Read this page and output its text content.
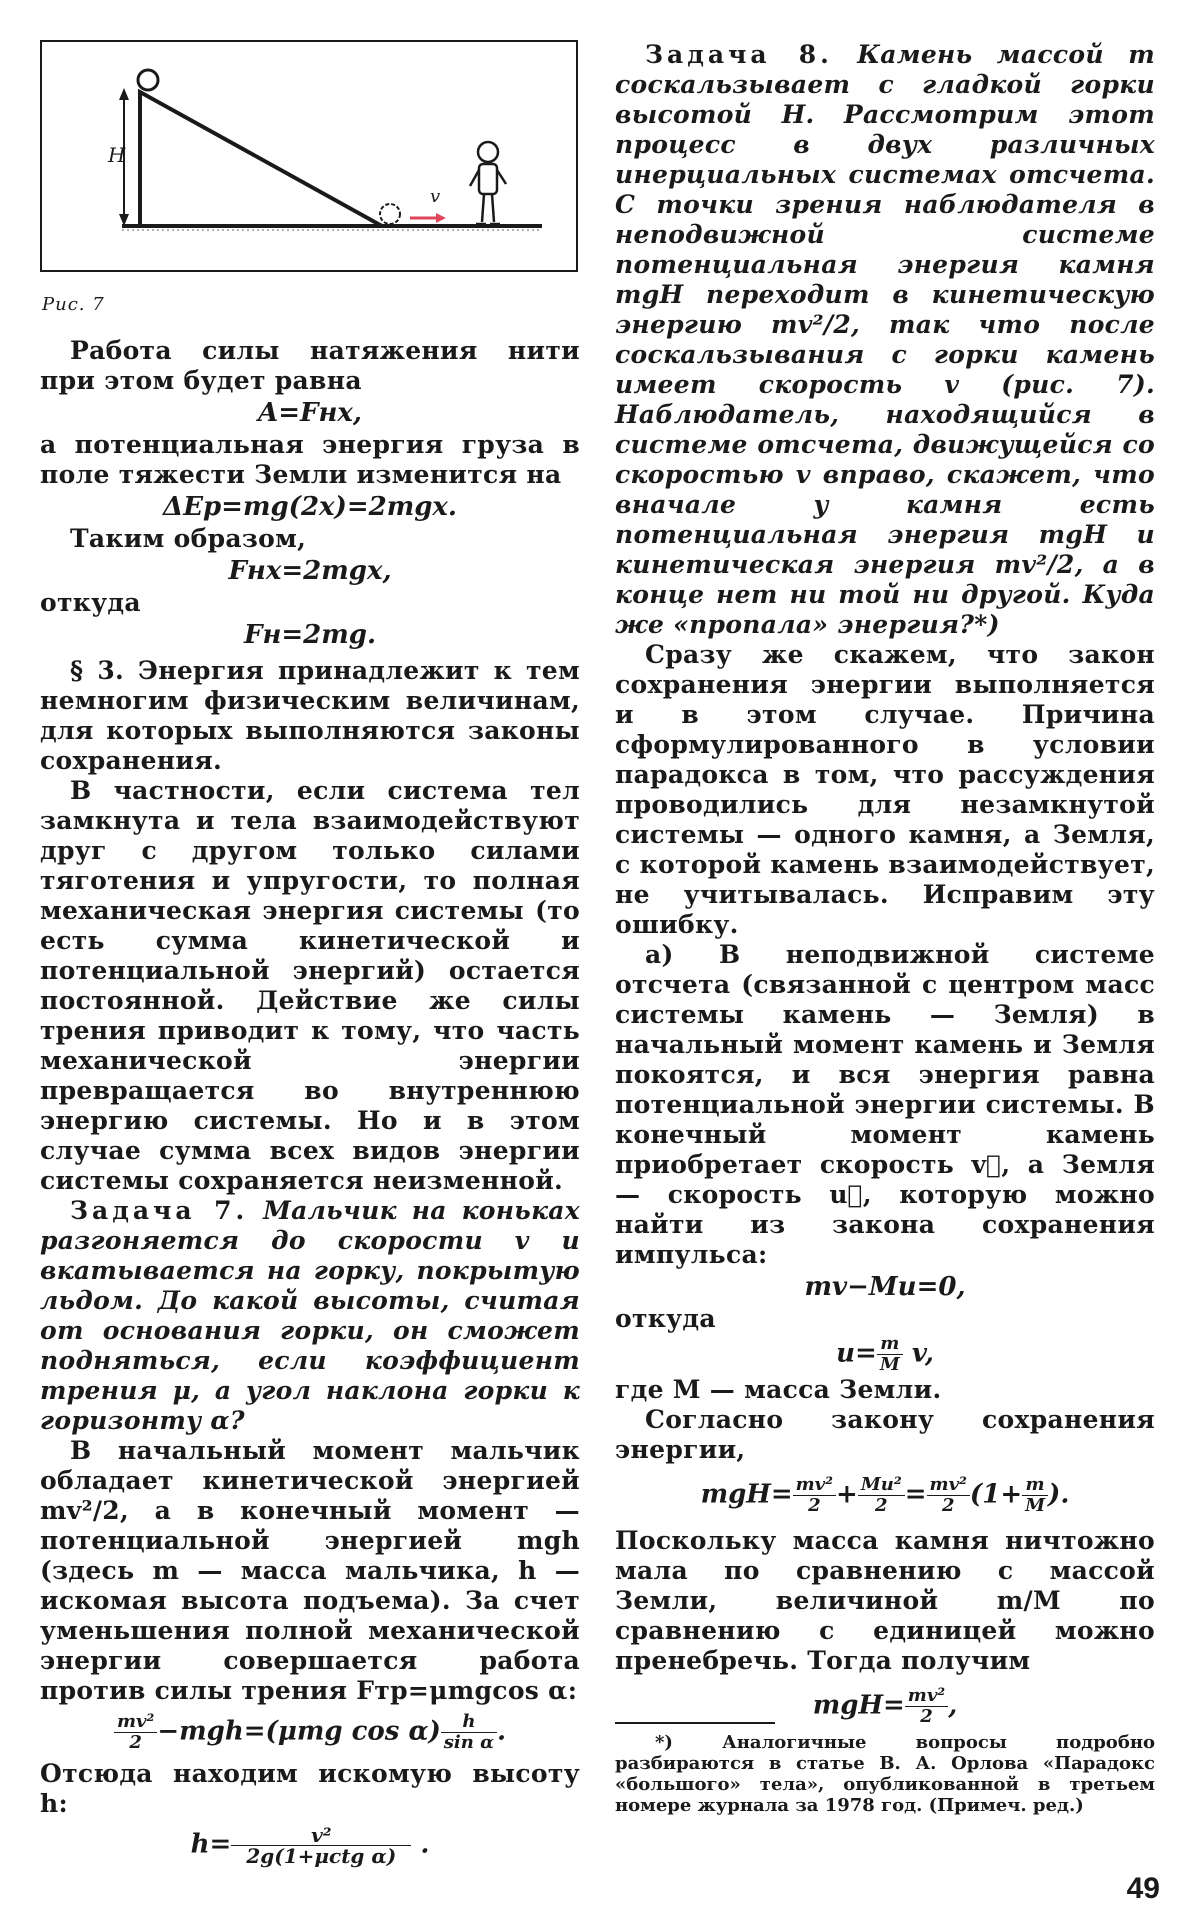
H
v
Рис. 7

Работа силы натяжения нити при этом будет равна

A=Fнx,

а потенциальная энергия груза в поле тяжести Земли изменится на

ΔEp=mg(2x)=2mgx.

Таким образом,

Fнx=2mgx,

откуда

Fн=2mg.

§ 3. Энергия принадлежит к тем немногим физическим величинам, для которых выполняются законы сохранения.

В частности, если система тел замкнута и тела взаимодействуют друг с другом только силами тяготения и упругости, то полная механическая энергия системы (то есть сумма кинетической и потенциальной энергий) остается постоянной. Действие же силы трения приводит к тому, что часть механической энергии превращается во внутреннюю энергию системы. Но и в этом случае сумма всех видов энергии системы сохраняется неизменной.

Задача 7. Мальчик на коньках разгоняется до скорости v и вкатывается на горку, покрытую льдом. До какой высоты, считая от основания горки, он сможет подняться, если коэффициент трения μ, а угол наклона горки к горизонту α?

В начальный момент мальчик обладает кинетической энергией mv²/2, а в конечный момент — потенциальной энергией mgh (здесь m — масса мальчика, h — искомая высота подъема). За счет уменьшения полной механической энергии совершается работа против силы трения Fтр=μmgcos α:

$\frac{\text{mv²}}{2} -mgh=(\mu mg$ $\cos \alpha) \frac{h}{\text{sin α}}$ .

Отсюда находим искомую высоту h:

$h= \frac{\text{v²}}{\text{2g(1+μctg α)}}$ .

Задача 8. Камень массой m соскальзывает с гладкой горки высотой H. Рассмотрим этот процесс в двух различных инерциальных системах отсчета. С точки зрения наблюдателя в неподвижной системе потенциальная энергия камня mgH переходит в кинетическую энергию mv²/2, так что после соскальзывания с горки камень имеет скорость v (рис. 7). Наблюдатель, находящийся в системе отсчета, движущейся со скоростью v вправо, скажет, что вначале у камня есть потенциальная энергия mgH и кинетическая энергия mv²/2, а в конце нет ни той ни другой. Куда же «пропала» энергия?*)

Сразу же скажем, что закон сохранения энергии выполняется и в этом случае. Причина сформулированного в условии парадокса в том, что рассуждения проводились для незамкнутой системы — одного камня, а Земля, с которой камень взаимодействует, не учитывалась. Исправим эту ошибку.

а) В неподвижной системе отсчета (связанной с центром масс системы камень — Земля) в начальный момент камень и Земля покоятся, и вся энергия равна потенциальной энергии системы. В конечный момент камень приобретает скорость v⃗, а Земля — скорость u⃗, которую можно найти из закона сохранения импульса:

mv−Mu=0,

откуда

$u= \frac{m}{M} v$,

где M — масса Земли.

Согласно закону сохранения энергии,

$mgH= \frac{\text{mv²}}{2} + \frac{\text{Mu²}}{2} = \frac{\text{mv²}}{2} (1+ \frac{m}{M}$ ).

Поскольку масса камня ничтожно мала по сравнению с массой Земли, величиной m/M по сравнению с единицей можно пренебречь. Тогда получим

$mgH= \frac{\text{mv²}}{2}$ ,

*) Аналогичные вопросы подробно разбираются в статье В. А. Орлова «Парадокс «большого» тела», опубликованной в третьем номере журнала за 1978 год. (Примеч. ред.)

49
